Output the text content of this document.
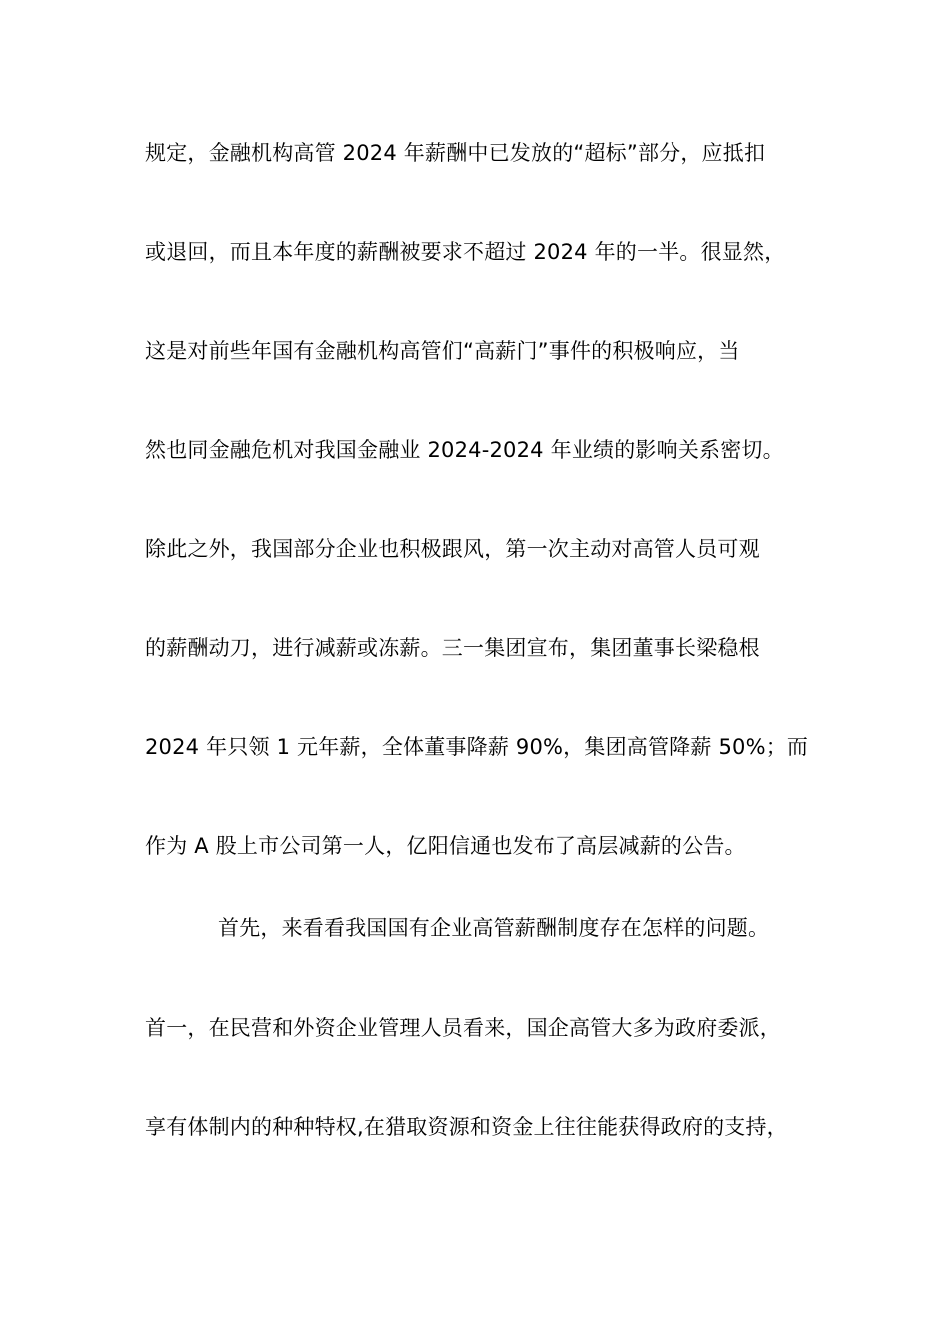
规定，金融机构高管 2024 年薪酬中已发放的“超标”部分，应抵扣
或退回，而且本年度的薪酬被要求不超过 2024 年的一半。很显然，
这是对前些年国有金融机构高管们“高薪门”事件的积极响应，当
然也同金融危机对我国金融业 2024-2024 年业绩的影响关系密切。
除此之外，我国部分企业也积极跟风，第一次主动对高管人员可观
的薪酬动刀，进行减薪或冻薪。三一集团宣布，集团董事长梁稳根
2024 年只领 1 元年薪，全体董事降薪 90%，集团高管降薪 50%；而
作为 A 股上市公司第一人，亿阳信通也发布了高层减薪的公告。
首先，来看看我国国有企业高管薪酬制度存在怎样的问题。
首一，在民营和外资企业管理人员看来，国企高管大多为政府委派，
享有体制内的种种特权,在猎取资源和资金上往往能获得政府的支持，
